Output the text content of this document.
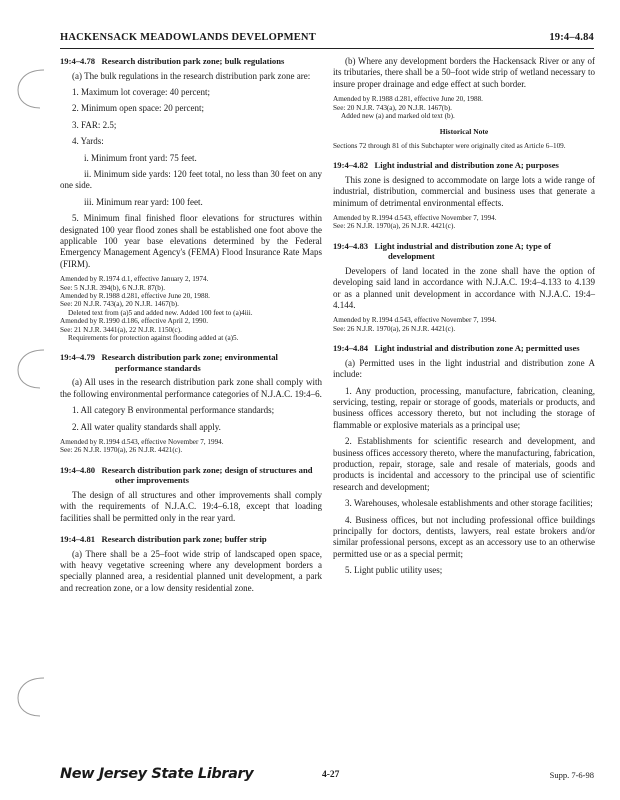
HACKENSACK MEADOWLANDS DEVELOPMENT	19:4–4.84
19:4–4.78 Research distribution park zone; bulk regulations
(a) The bulk regulations in the research distribution park zone are:
1. Maximum lot coverage: 40 percent;
2. Minimum open space: 20 percent;
3. FAR: 2.5;
4. Yards:
i. Minimum front yard: 75 feet.
ii. Minimum side yards: 120 feet total, no less than 30 feet on any one side.
iii. Minimum rear yard: 100 feet.
5. Minimum final finished floor elevations for structures within designated 100 year flood zones shall be established one foot above the applicable 100 year base elevations determined by the Federal Emergency Management Agency's (FEMA) Flood Insurance Rate Maps (FIRM).
Amended by R.1974 d.1, effective January 2, 1974.
See: 5 N.J.R. 394(b), 6 N.J.R. 87(b).
Amended by R.1988 d.281, effective June 20, 1988.
See: 20 N.J.R. 743(a), 20 N.J.R. 1467(b).
Deleted text from (a)5 and added new. Added 100 feet to (a)4iii.
Amended by R.1990 d.186, effective April 2, 1990.
See: 21 N.J.R. 3441(a), 22 N.J.R. 1150(c).
Requirements for protection against flooding added at (a)5.
19:4–4.79 Research distribution park zone; environmental performance standards
(a) All uses in the research distribution park zone shall comply with the following environmental performance categories of N.J.A.C. 19:4–6.
1. All category B environmental performance standards;
2. All water quality standards shall apply.
Amended by R.1994 d.543, effective November 7, 1994.
See: 26 N.J.R. 1970(a), 26 N.J.R. 4421(c).
19:4–4.80 Research distribution park zone; design of structures and other improvements
The design of all structures and other improvements shall comply with the requirements of N.J.A.C. 19:4–6.18, except that loading facilities shall be permitted only in the rear yard.
19:4–4.81 Research distribution park zone; buffer strip
(a) There shall be a 25–foot wide strip of landscaped open space, with heavy vegetative screening where any development borders a specially planned area, a residential planned unit development, a park and recreation zone, or a low density residential zone.
(b) Where any development borders the Hackensack River or any of its tributaries, there shall be a 50–foot wide strip of wetland necessary to insure proper drainage and edge effect at such border.
Amended by R.1988 d.281, effective June 20, 1988.
See: 20 N.J.R. 743(a), 20 N.J.R. 1467(b).
Added new (a) and marked old text (b).
Historical Note
Sections 72 through 81 of this Subchapter were originally cited as Article 6–109.
19:4–4.82 Light industrial and distribution zone A; purposes
This zone is designed to accommodate on large lots a wide range of industrial, distribution, commercial and business uses that generate a minimum of detrimental environmental effects.
Amended by R.1994 d.543, effective November 7, 1994.
See: 26 N.J.R. 1970(a), 26 N.J.R. 4421(c).
19:4–4.83 Light industrial and distribution zone A; type of development
Developers of land located in the zone shall have the option of developing said land in accordance with N.J.A.C. 19:4–4.133 to 4.139 or as a planned unit development in accordance with N.J.A.C. 19:4–4.144.
Amended by R.1994 d.543, effective November 7, 1994.
See: 26 N.J.R. 1970(a), 26 N.J.R. 4421(c).
19:4–4.84 Light industrial and distribution zone A; permitted uses
(a) Permitted uses in the light industrial and distribution zone A include:
1. Any production, processing, manufacture, fabrication, cleaning, servicing, testing, repair or storage of goods, materials or products, and business offices accessory thereto, but not including the storage of flammable or explosive materials as a principal use;
2. Establishments for scientific research and development, and business offices accessory thereto, where the manufacturing, fabrication, production, repair, storage, sale and resale of materials, goods and products is incidental and accessory to the principal use of scientific research and development;
3. Warehouses, wholesale establishments and other storage facilities;
4. Business offices, but not including professional office buildings principally for doctors, dentists, lawyers, real estate brokers and/or similar professional persons, except as an accessory use to an otherwise permitted use or as a special permit;
5. Light public utility uses;
New Jersey State Library	4-27	Supp. 7-6-98
